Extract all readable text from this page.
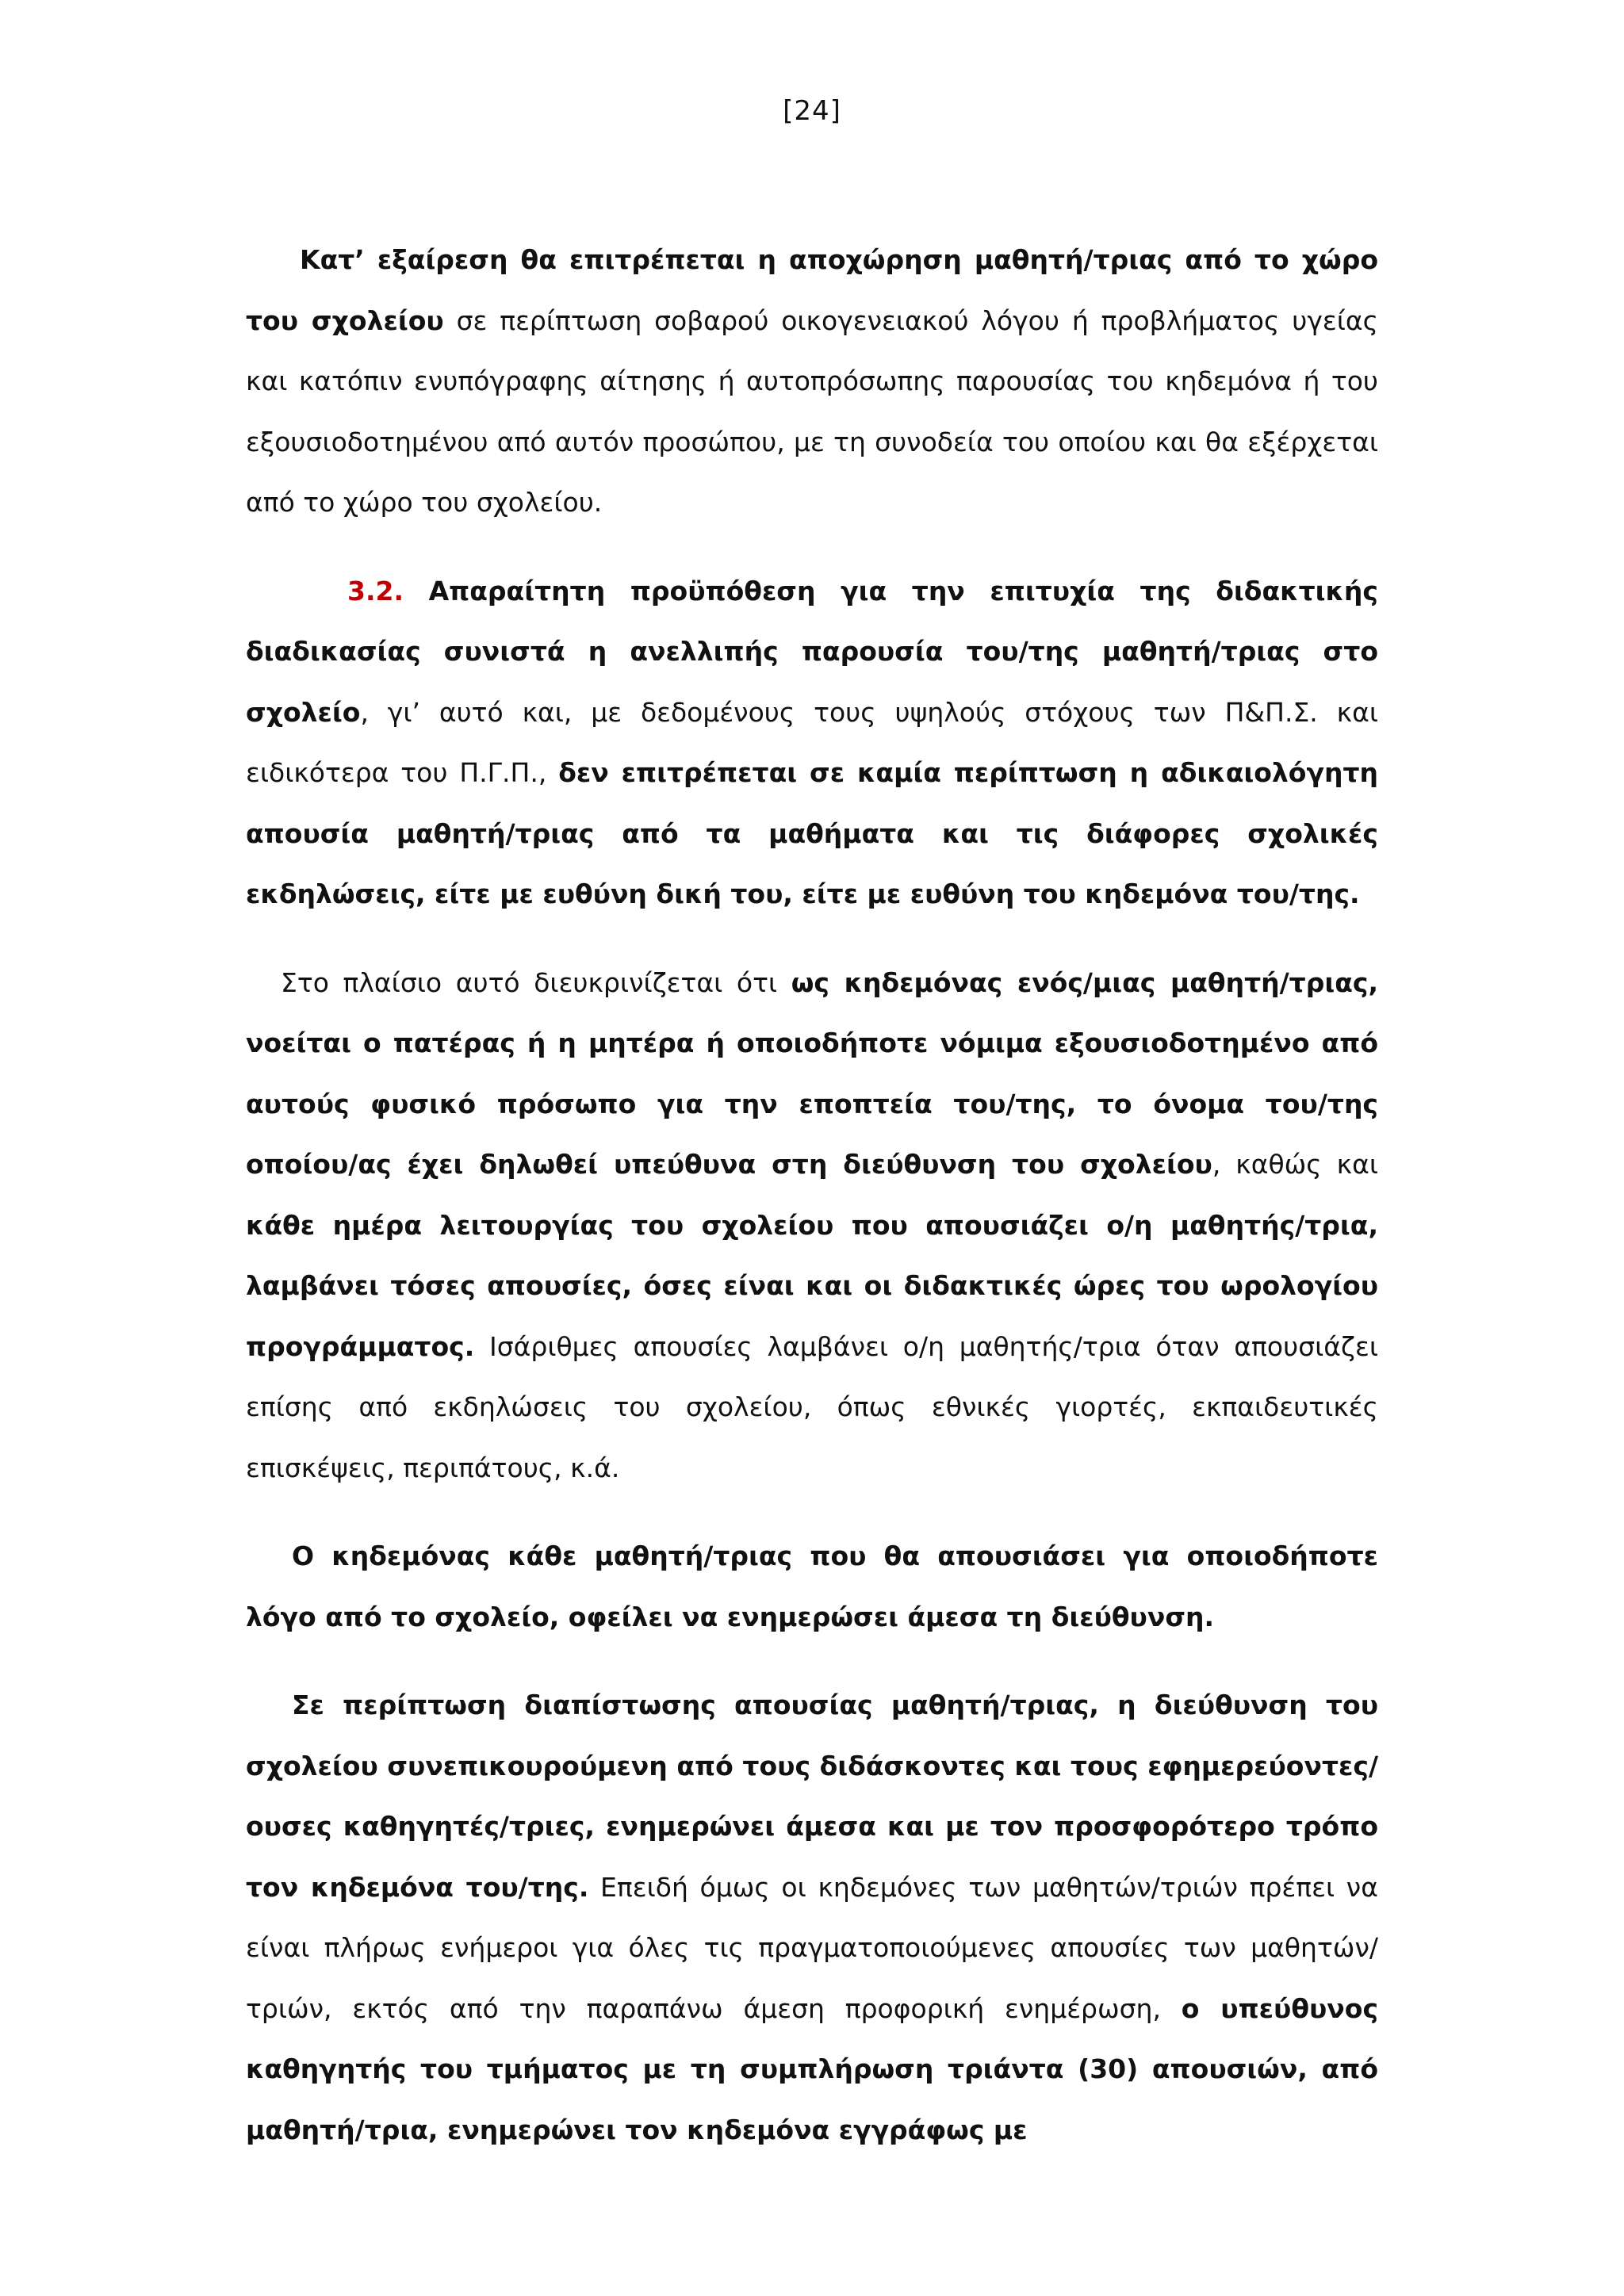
[24]

Κατ’ εξαίρεση θα επιτρέπεται η αποχώρηση μαθητή/τριας από το χώρο του σχολείου σε περίπτωση σοβαρού οικογενειακού λόγου ή προβλήματος υγείας και κατόπιν ενυπόγραφης αίτησης ή αυτοπρόσωπης παρουσίας του κηδεμόνα ή του εξουσιοδοτημένου από αυτόν προσώπου, με τη συνοδεία του οποίου και θα εξέρχεται από το χώρο του σχολείου.

3.2. Απαραίτητη προϋπόθεση για την επιτυχία της διδακτικής διαδικασίας συνιστά η ανελλιπής παρουσία του/της μαθητή/τριας στο σχολείο, γι’ αυτό και, με δεδομένους τους υψηλούς στόχους των Π&Π.Σ. και ειδικότερα του Π.Γ.Π., δεν επιτρέπεται σε καμία περίπτωση η αδικαιολόγητη απουσία μαθητή/τριας από τα μαθήματα και τις διάφορες σχολικές εκδηλώσεις, είτε με ευθύνη δική του, είτε με ευθύνη του κηδεμόνα του/της.

Στο πλαίσιο αυτό διευκρινίζεται ότι ως κηδεμόνας ενός/μιας μαθητή/τριας, νοείται ο πατέρας ή η μητέρα ή οποιοδήποτε νόμιμα εξουσιοδοτημένο από αυτούς φυσικό πρόσωπο για την εποπτεία του/της, το όνομα του/της οποίου/ας έχει δηλωθεί υπεύθυνα στη διεύθυνση του σχολείου, καθώς και κάθε ημέρα λειτουργίας του σχολείου που απουσιάζει ο/η μαθητής/τρια, λαμβάνει τόσες απουσίες, όσες είναι και οι διδακτικές ώρες του ωρολογίου προγράμματος. Ισάριθμες απουσίες λαμβάνει ο/η μαθητής/τρια όταν απουσιάζει επίσης από εκδηλώσεις του σχολείου, όπως εθνικές γιορτές, εκπαιδευτικές επισκέψεις, περιπάτους, κ.ά.

Ο κηδεμόνας κάθε μαθητή/τριας που θα απουσιάσει για οποιοδήποτε λόγο από το σχολείο, οφείλει να ενημερώσει άμεσα τη διεύθυνση.

Σε περίπτωση διαπίστωσης απουσίας μαθητή/τριας, η διεύθυνση του σχολείου συνεπικουρούμενη από τους διδάσκοντες και τους εφημερεύοντες/ουσες καθηγητές/τριες, ενημερώνει άμεσα και με τον προσφορότερο τρόπο τον κηδεμόνα του/της. Επειδή όμως οι κηδεμόνες των μαθητών/τριών πρέπει να είναι πλήρως ενήμεροι για όλες τις πραγματοποιούμενες απουσίες των μαθητών/τριών, εκτός από την παραπάνω άμεση προφορική ενημέρωση, ο υπεύθυνος καθηγητής του τμήματος με τη συμπλήρωση τριάντα (30) απουσιών, από μαθητή/τρια, ενημερώνει τον κηδεμόνα εγγράφως με
